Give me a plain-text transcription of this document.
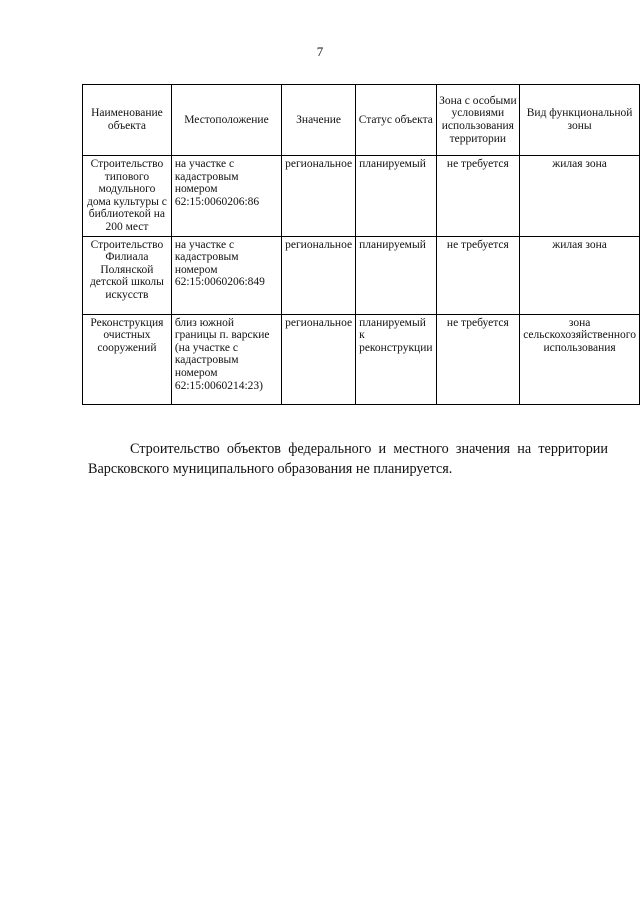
7
Наименование объекта	Местоположение	Значение	Статус объекта	Зона с особыми условиями использования территории	Вид функциональной зоны
Строительство типового модульного дома культуры с библиотекой на 200 мест	на участке с кадастровым номером 62:15:0060206:86	региональное	планируемый	не требуется	жилая зона
Строительство Филиала Полянской детской школы искусств	на участке с кадастровым номером 62:15:0060206:849	региональное	планируемый	не требуется	жилая зона
Реконструкция очистных сооружений	близ южной границы п. варские (на участке с кадастровым номером 62:15:0060214:23)	региональное	планируемый к реконструкции	не требуется	зона сельскохозяйственного использования

Строительство объектов федерального и местного значения на территории Варсковского муниципального образования не планируется.
